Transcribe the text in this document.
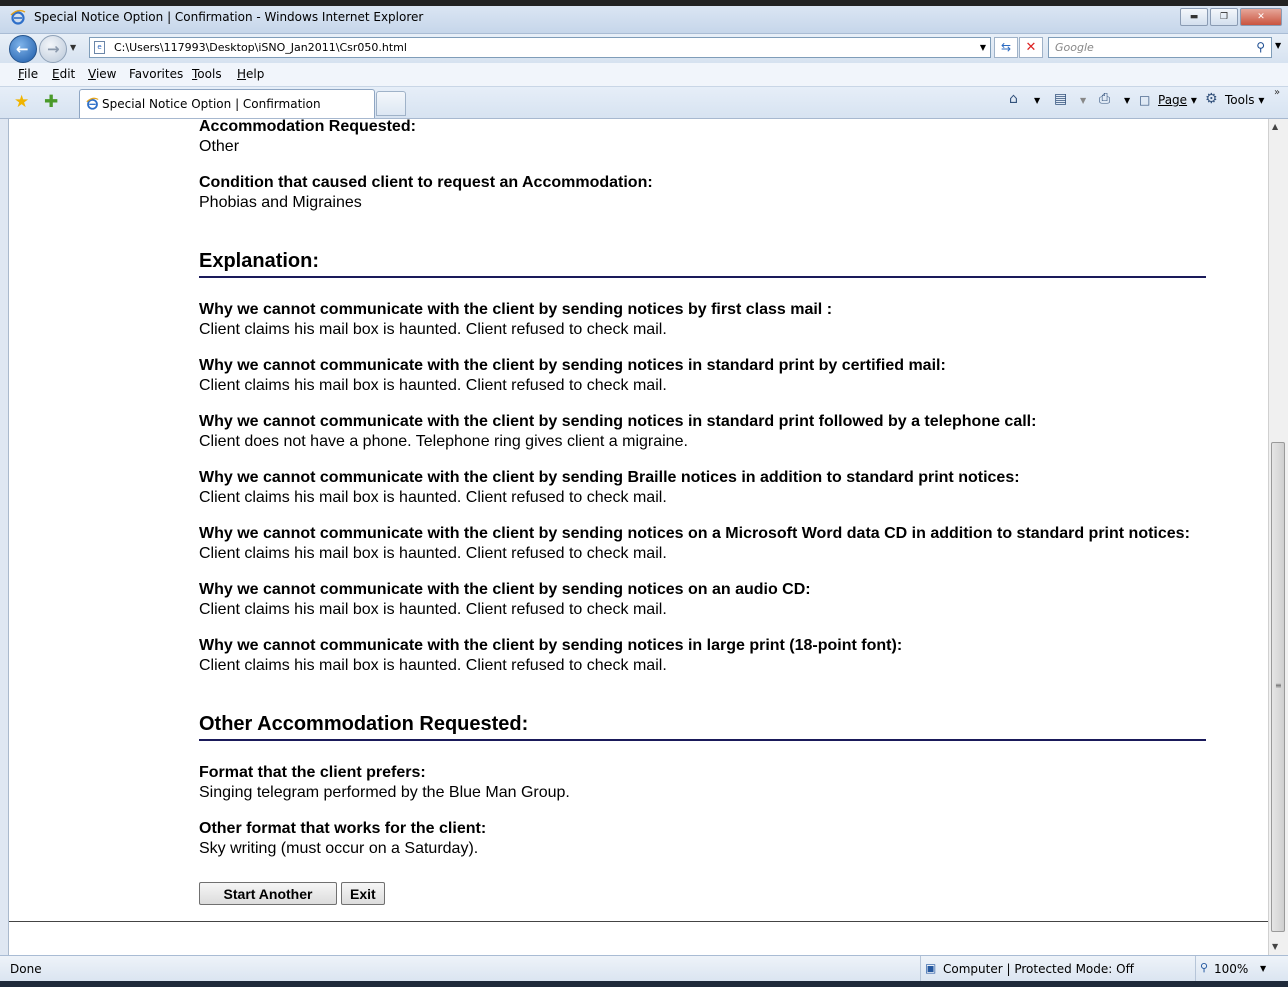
Special Notice Option | Confirmation - Windows Internet Explorer	▬	❐	✕
← → ▼	e	C:\Users\117993\Desktop\iSNO_Jan2011\Csr050.html	▼	⇆	✕	Google	⚲ ▼
File Edit View Favorites Tools Help
★ ✚	Special Notice Option | Confirmation	⌂ ▼ ▤ ▼ ⎙ ▼ □ Page ▾ ⚙ Tools ▾
»
Accommodation Requested:
Other
Condition that caused client to request an Accommodation:
Phobias and Migraines
Explanation:
Why we cannot communicate with the client by sending notices by first class mail :
Client claims his mail box is haunted. Client refused to check mail.
Why we cannot communicate with the client by sending notices in standard print by certified mail:
Client claims his mail box is haunted. Client refused to check mail.
Why we cannot communicate with the client by sending notices in standard print followed by a telephone call:
Client does not have a phone. Telephone ring gives client a migraine.
Why we cannot communicate with the client by sending Braille notices in addition to standard print notices:
Client claims his mail box is haunted. Client refused to check mail.
Why we cannot communicate with the client by sending notices on a Microsoft Word data CD in addition to standard print notices:
Client claims his mail box is haunted. Client refused to check mail.
Why we cannot communicate with the client by sending notices on an audio CD:
Client claims his mail box is haunted. Client refused to check mail.
Why we cannot communicate with the client by sending notices in large print (18-point font):
Client claims his mail box is haunted. Client refused to check mail.
Other Accommodation Requested:
Format that the client prefers:
Singing telegram performed by the Blue Man Group.
Other format that works for the client:
Sky writing (must occur on a Saturday).
Start Another	Exit
▲
≡
▼
Done	▣ Computer | Protected Mode: Off	⚲ 100% ▼
